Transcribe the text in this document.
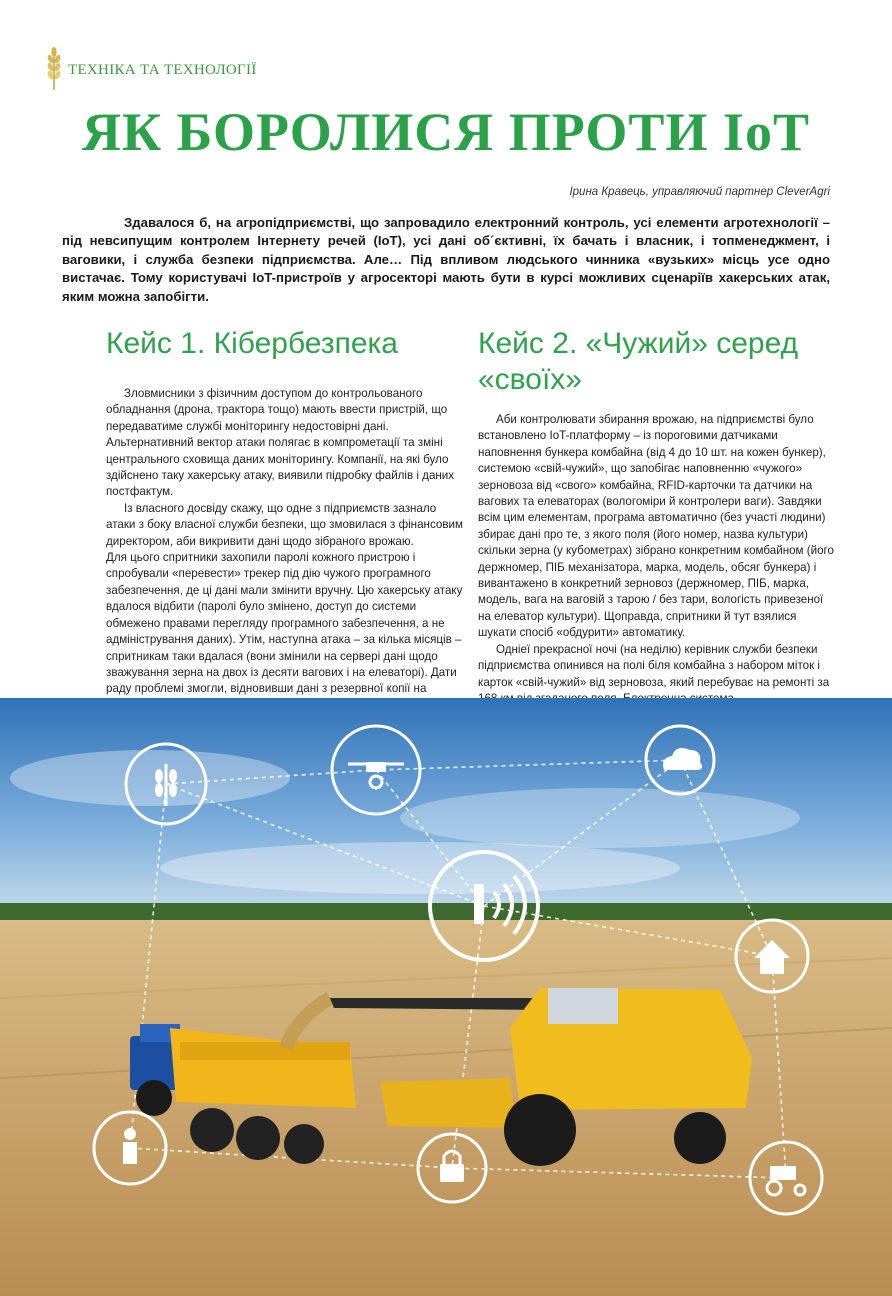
ТЕХНІКА ТА ТЕХНОЛОГІЇ
ЯК БОРОЛИСЯ ПРОТИ IoT
Ірина Кравець, управляючий партнер CleverAgri

Здавалося б, на агропідприємстві, що запровадило електронний контроль, усі елементи агротехнології – під невсипущим контролем Інтернету речей (IoT), усі дані об´єктивні, їх бачать і власник, і топменеджмент, і ваговики, і служба безпеки підприємства. Але… Під впливом людського чинника «вузьких» місць усе одно вистачає. Тому користувачі IoT-пристроїв у агросекторі мають бути в курсі можливих сценаріїв хакерських атак, яким можна запобігти.

Кейс 1. Кібербезпека

Зловмисники з фізичним доступом до контрольованого обладнання (дрона, трактора тощо) мають ввести пристрій, що передаватиме службі моніторингу недостовірні дані. Альтернативний вектор атаки полягає в компрометації та зміні центрального сховища даних моніторингу. Компанії, на які було здійснено таку хакерську атаку, виявили підробку файлів і даних постфактум.

Із власного досвіду скажу, що одне з підприємств зазнало атаки з боку власної служби безпеки, що змовилася з фінансовим директором, аби викривити дані щодо зібраного врожаю.

Для цього спритники захопили паролі кожного пристрою і спробували «перевести» трекер під дію чужого програмного забезпечення, де ці дані мали змінити вручну. Цю хакерську атаку вдалося відбити (паролі було змінено, доступ до системи обмежено правами перегляду програмного забезпечення, а не адміністрування даних). Утім, наступна атака – за кілька місяців – спритникам таки вдалася (вони змінили на сервері дані щодо зважування зерна на двох із десяти вагових і на елеваторі). Дати раду проблемі змогли, відновивши дані з резервної копії на

Кейс 2. «Чужий» серед «своїх»

Аби контролювати збирання врожаю, на підприємстві було встановлено IoT-платформу – із пороговими датчиками наповнення бункера комбайна (від 4 до 10 шт. на кожен бункер), системою «свій-чужий», що запобігає наповненню «чужого» зерновоза від «свого» комбайна, RFID-карточки та датчики на вагових та елеваторах (вологоміри й контролери ваги). Завдяки всім цим елементам, програма автоматично (без участі людини) збирає дані про те, з якого поля (його номер, назва культури) скільки зерна (у кубометрах) зібрано конкретним комбайном (його держномер, ПІБ механізатора, марка, модель, обсяг бункера) і вивантажено в конкретний зерновоз (держномер, ПІБ, марка, модель, вага на ваговій з тарою / без тари, вологість привезеної на елеватор культури). Щоправда, спритники й тут взялися шукати спосіб «обдурити» автоматику.

Одніеї прекрасної ночі (на неділю) керівник служби безпеки підприємства опинився на полі біля комбайна з набором міток і карток «свій-чужий» від зерновоза, який перебуває на ремонті за
